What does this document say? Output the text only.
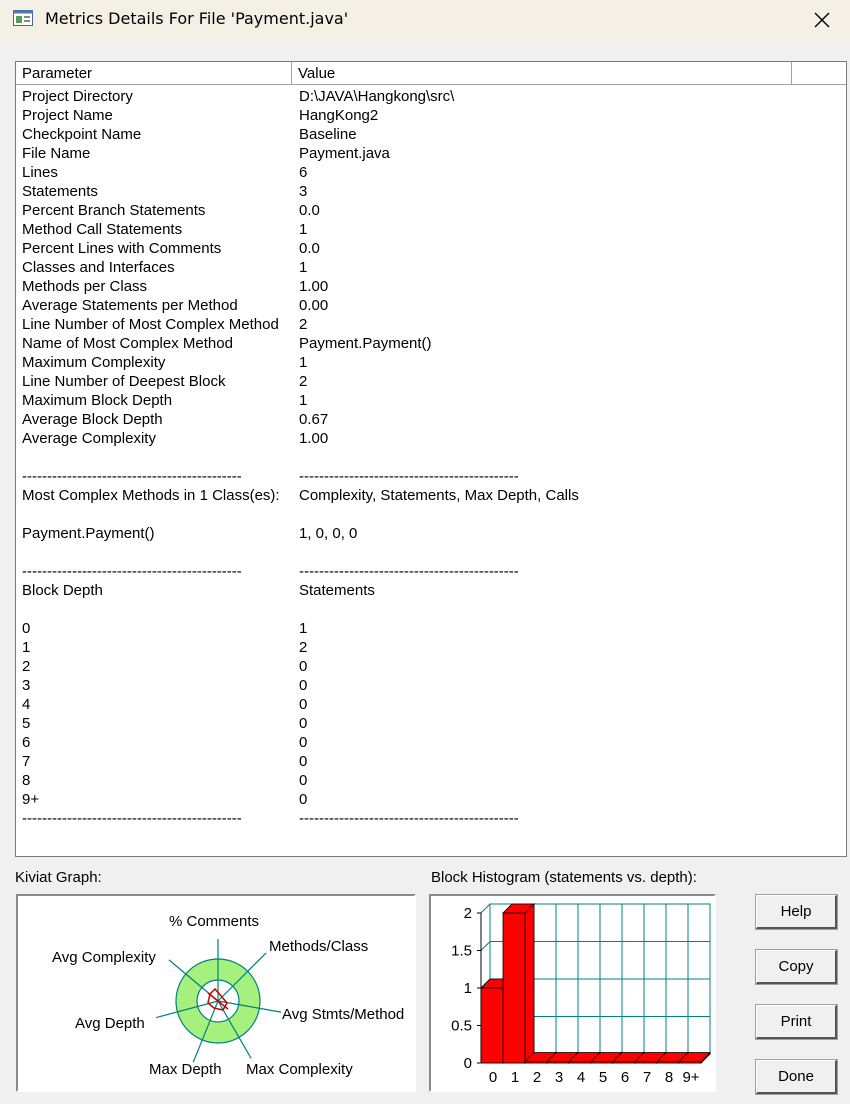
Metrics Details For File 'Payment.java'
Parameter	Value
Project Directory	D:\JAVA\Hangkong\src\
Project Name	HangKong2
Checkpoint Name	Baseline
File Name	Payment.java
Lines	6
Statements	3
Percent Branch Statements	0.0
Method Call Statements	1
Percent Lines with Comments	0.0
Classes and Interfaces	1
Methods per Class	1.00
Average Statements per Method	0.00
Line Number of Most Complex Method 2
Name of Most Complex Method	Payment.Payment()
Maximum Complexity	1
Line Number of Deepest Block	2
Maximum Block Depth	1
Average Block Depth	0.67
Average Complexity	1.00
--------------------------------------------	--------------------------------------------
Most Complex Methods in 1 Class(es): Complexity, Statements, Max Depth, Calls
Payment.Payment()	1, 0, 0, 0
--------------------------------------------	--------------------------------------------
Block Depth	Statements
0	1
1	2
2	0
3	0
4	0
5	0
6	0
7	0
8	0
9+	0
--------------------------------------------	--------------------------------------------
Kiviat Graph:
% Comments
Methods/Class
Avg Stmts/Method
Max Complexity
Max Depth
Avg Depth
Avg Complexity
Block Histogram (statements vs. depth):
0
0.5
1
1.5
2
0 1 2 3 4 5 6 7 8 9+
Help
Copy
Print
Done
